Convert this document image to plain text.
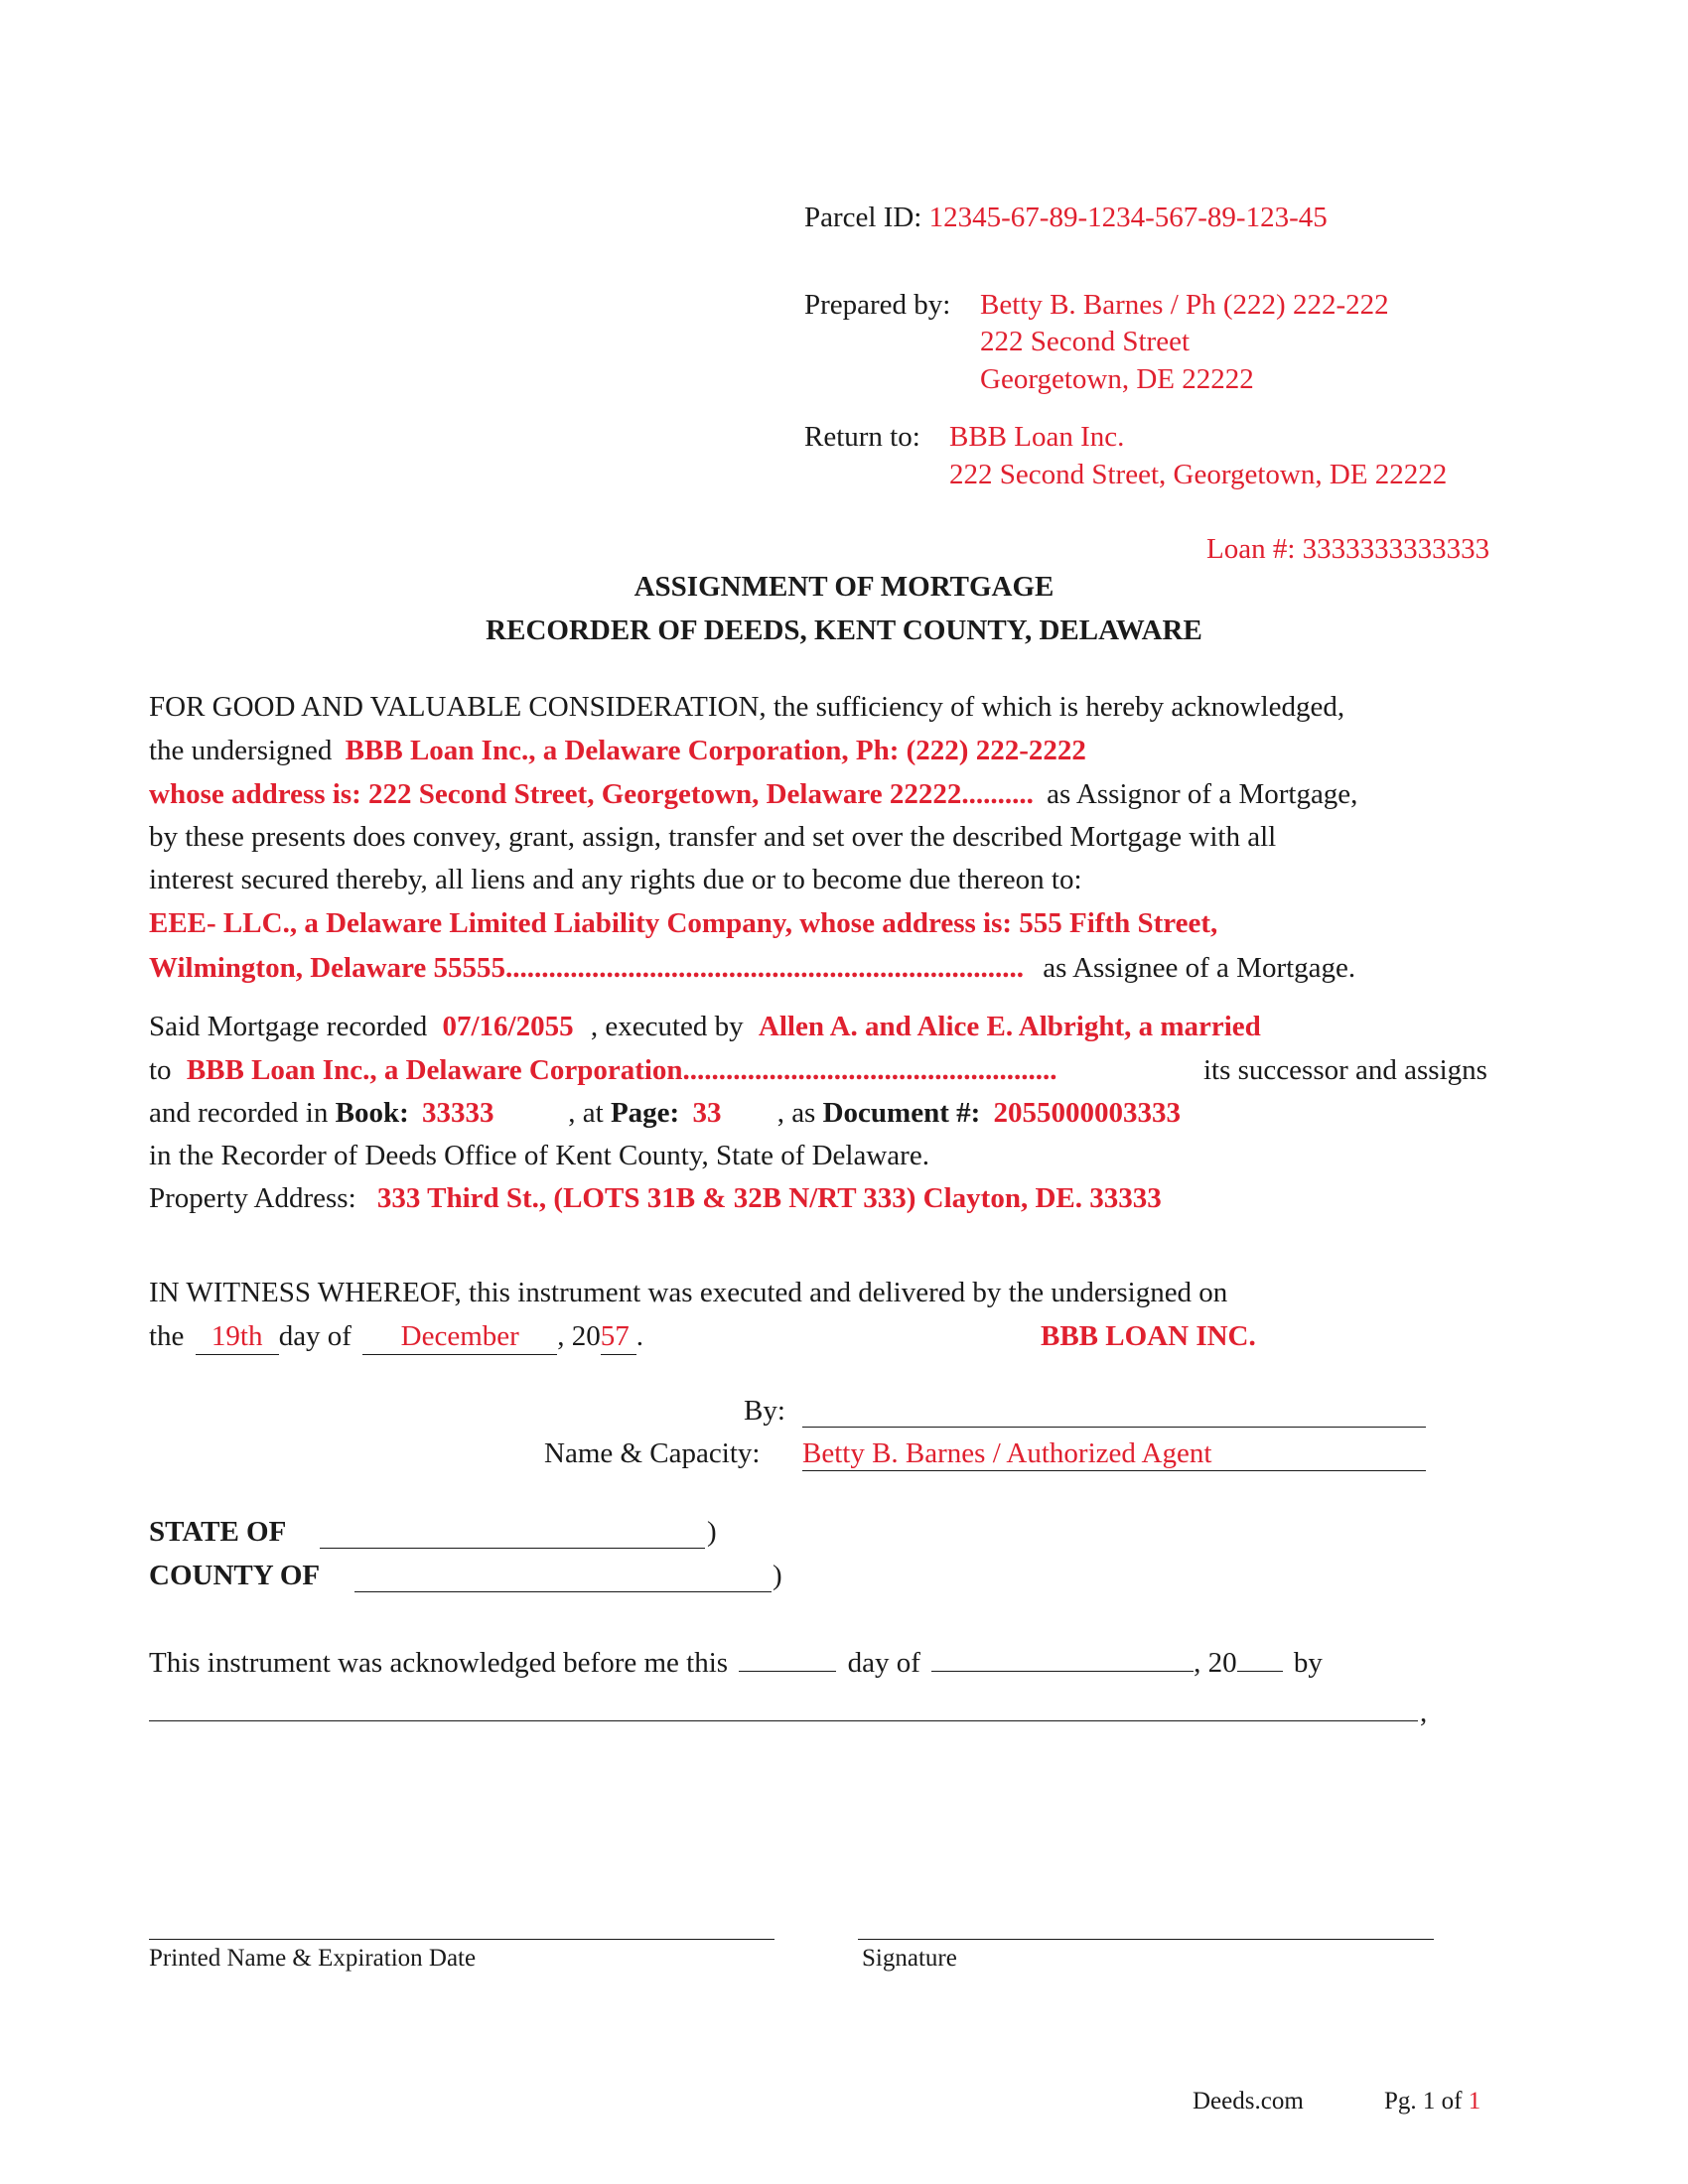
Parcel ID: 12345-67-89-1234-567-89-123-45
Prepared by: Betty B. Barnes / Ph (222) 222-222
222 Second Street
Georgetown, DE 22222
Return to: BBB Loan Inc.
222 Second Street, Georgetown, DE 22222
Loan #: 3333333333333
ASSIGNMENT OF MORTGAGE
RECORDER OF DEEDS, KENT COUNTY, DELAWARE
FOR GOOD AND VALUABLE CONSIDERATION, the sufficiency of which is hereby acknowledged,
the undersigned BBB Loan Inc., a Delaware Corporation, Ph: (222) 222-2222
whose address is: 222 Second Street, Georgetown, Delaware 22222.......... as Assignor of a Mortgage,
by these presents does convey, grant, assign, transfer and set over the described Mortgage with all
interest secured thereby, all liens and any rights due or to become due thereon to:
EEE- LLC., a Delaware Limited Liability Company, whose address is: 555 Fifth Street,
Wilmington, Delaware 55555........................................................................ as Assignee of a Mortgage.
Said Mortgage recorded 07/16/2055 , executed by Allen A. and Alice E. Albright, a married
to BBB Loan Inc., a Delaware Corporation....................................................	its successor and assigns
and recorded in Book: 33333	, at Page: 33 , as Document #: 2055000003333
in the Recorder of Deeds Office of Kent County, State of Delaware.
Property Address: 333 Third St., (LOTS 31B & 32B N/RT 333) Clayton, DE. 33333
IN WITNESS WHEREOF, this instrument was executed and delivered by the undersigned on
the 19th day of December , 2057 .	BBB LOAN INC.
By:
Name & Capacity: Betty B. Barnes / Authorized Agent
STATE OF	)
COUNTY OF	)
This instrument was acknowledged before me this	day of	, 20 by
,
Printed Name & Expiration Date	Signature
Deeds.com	Pg. 1 of 1
